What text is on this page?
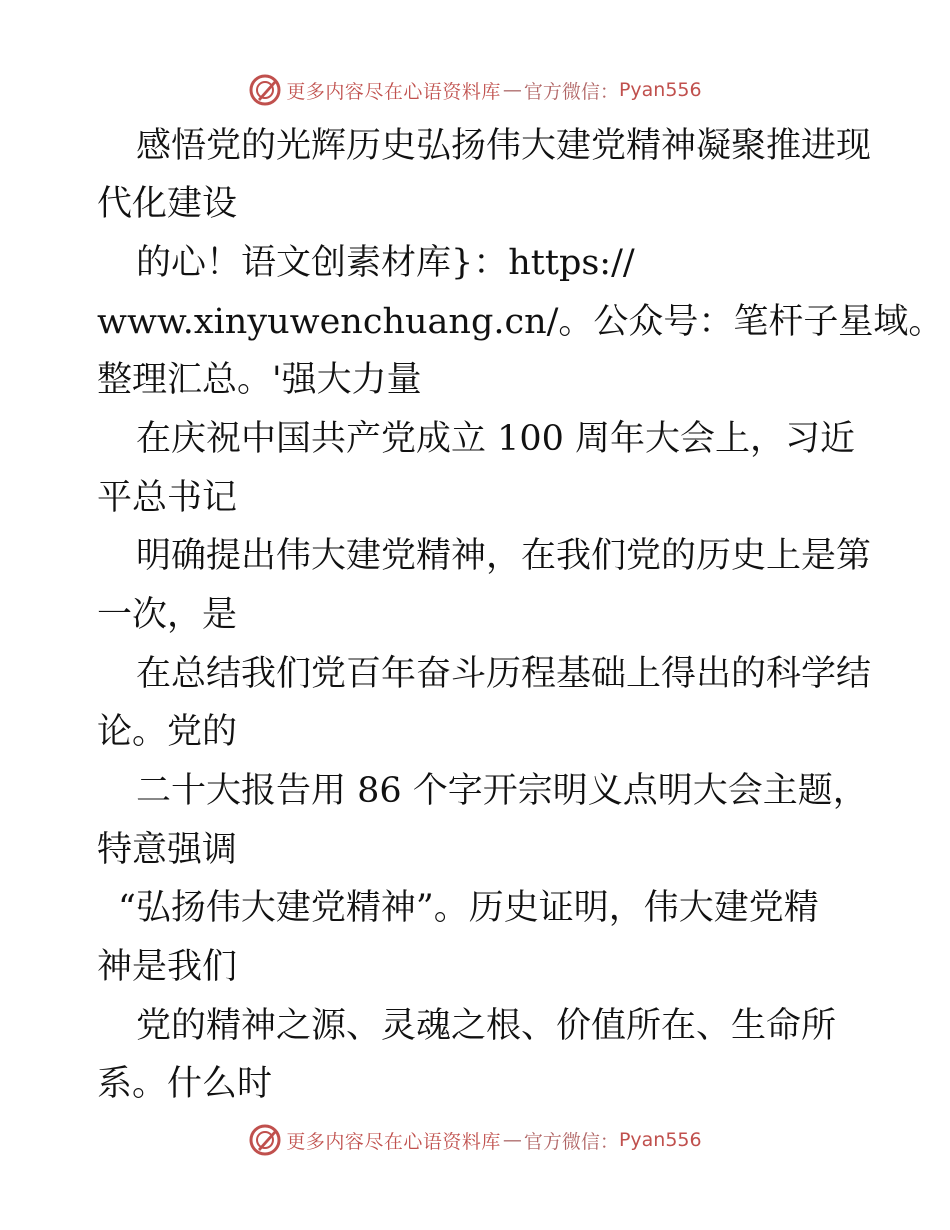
更多内容尽在心语资料库 — 官方微信： Pyan556
感悟党的光辉历史弘扬伟大建党精神凝聚推进现
代化建设
的心！语文创素材库}：https://
www.xinyuwenchuang.cn/。公众号：笔杆子星域。
整理汇总。'强大力量
在庆祝中国共产党成立 100 周年大会上，习近
平总书记
明确提出伟大建党精神，在我们党的历史上是第
一次，是
在总结我们党百年奋斗历程基础上得出的科学结
论。党的
二十大报告用 86 个字开宗明义点明大会主题，
特意强调
“弘扬伟大建党精神”。历史证明，伟大建党精
神是我们
党的精神之源、灵魂之根、价值所在、生命所
系。什么时
更多内容尽在心语资料库 — 官方微信： Pyan556
